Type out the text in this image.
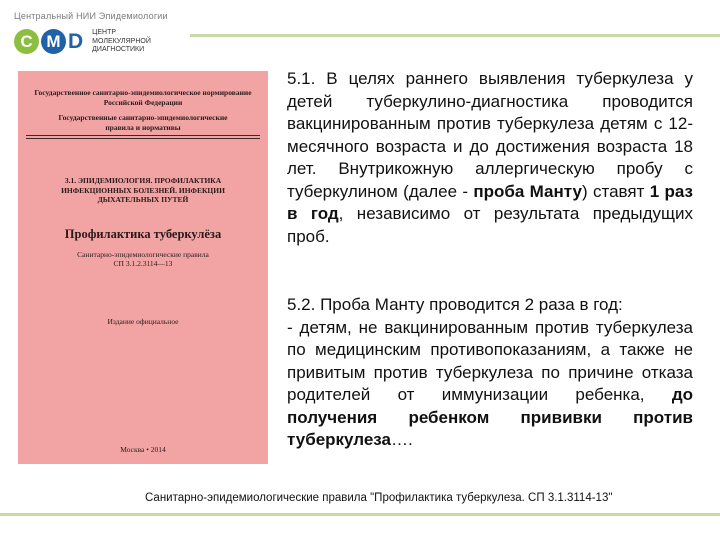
Центральный НИИ Эпидемиологии
C M D ЦЕНТР
МОЛЕКУЛЯРНОЙ
ДИАГНОСТИКИ
Государственное санитарно-эпидемиологическое нормирование
Российской Федерации
Государственные санитарно-эпидемиологические
правила и нормативы
3.1. ЭПИДЕМИОЛОГИЯ. ПРОФИЛАКТИКА
ИНФЕКЦИОННЫХ БОЛЕЗНЕЙ. ИНФЕКЦИИ
ДЫХАТЕЛЬНЫХ ПУТЕЙ
Профилактика туберкулёза
Санитарно-эпидемиологические правила
СП 3.1.2.3114—13
Издание официальное
Москва • 2014
5.1. В целях раннего выявления туберкулеза у детей туберкулино-диагностика проводится вакцинированным против туберкулеза детям с 12-месячного возраста и до достижения возраста 18 лет. Внутрикожную аллергическую пробу с туберкулином (далее - проба Манту) ставят 1 раз в год, независимо от результата предыдущих проб.
5.2. Проба Манту проводится 2 раза в год:
- детям, не вакцинированным против туберкулеза по медицинским противопоказаниям, а также не привитым против туберкулеза по причине отказа родителей от иммунизации ребенка, до получения ребенком прививки против туберкулеза….
Санитарно-эпидемиологические правила "Профилактика туберкулеза. СП 3.1.3114-13"
